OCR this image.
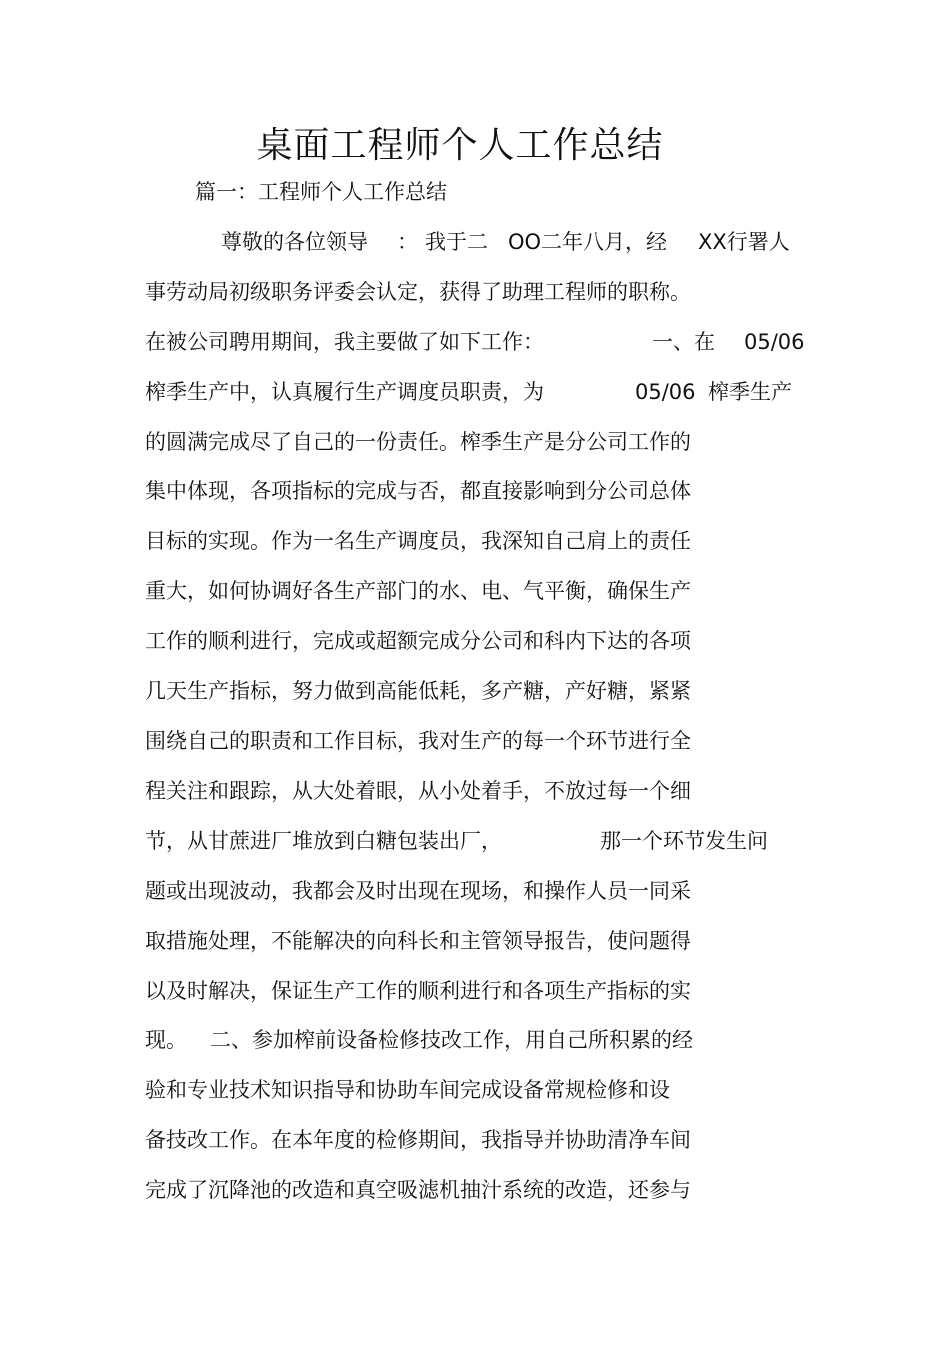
桌面工程师个人工作总结
篇一：工程师个人工作总结
尊敬的各位领导 ： 我于二 OO二年八月，经 XX行署人
事劳动局初级职务评委会认定，获得了助理工程师的职称。
在被公司聘用期间，我主要做了如下工作：	一、在 05/06
榨季生产中，认真履行生产调度员职责，为	05/06 榨季生产
的圆满完成尽了自己的一份责任。榨季生产是分公司工作的
集中体现，各项指标的完成与否，都直接影响到分公司总体
目标的实现。作为一名生产调度员，我深知自己肩上的责任
重大，如何协调好各生产部门的水、电、气平衡，确保生产
工作的顺利进行，完成或超额完成分公司和科内下达的各项
几天生产指标，努力做到高能低耗，多产糖，产好糖，紧紧
围绕自己的职责和工作目标，我对生产的每一个环节进行全
程关注和跟踪，从大处着眼，从小处着手，不放过每一个细
节，从甘蔗进厂堆放到白糖包装出厂，	那一个环节发生问
题或出现波动，我都会及时出现在现场，和操作人员一同采
取措施处理，不能解决的向科长和主管领导报告，使问题得
以及时解决，保证生产工作的顺利进行和各项生产指标的实
现。 二、参加榨前设备检修技改工作，用自己所积累的经
验和专业技术知识指导和协助车间完成设备常规检修和设
备技改工作。在本年度的检修期间，我指导并协助清净车间
完成了沉降池的改造和真空吸滤机抽汁系统的改造，还参与
